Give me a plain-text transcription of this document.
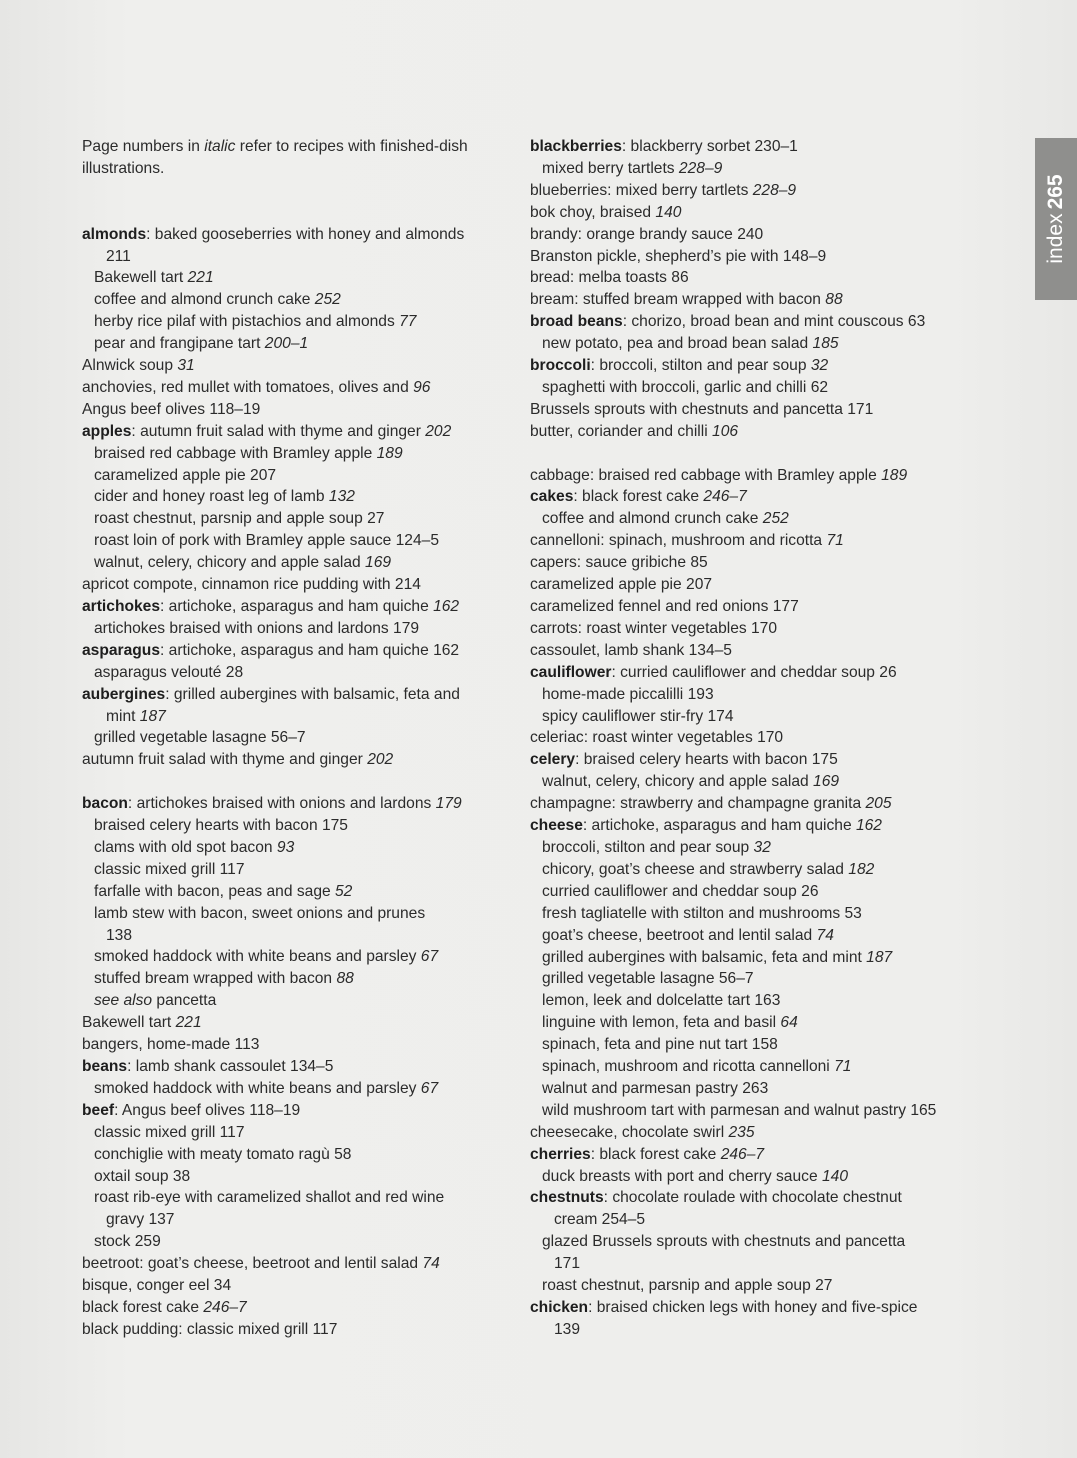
index265
Page numbers in italic refer to recipes with finished-dish illustrations.
almonds: baked gooseberries with honey and almonds
211
Bakewell tart 221
coffee and almond crunch cake 252
herby rice pilaf with pistachios and almonds 77
pear and frangipane tart 200–1
Alnwick soup 31
anchovies, red mullet with tomatoes, olives and 96
Angus beef olives 118–19
apples: autumn fruit salad with thyme and ginger 202
braised red cabbage with Bramley apple 189
caramelized apple pie 207
cider and honey roast leg of lamb 132
roast chestnut, parsnip and apple soup 27
roast loin of pork with Bramley apple sauce 124–5
walnut, celery, chicory and apple salad 169
apricot compote, cinnamon rice pudding with 214
artichokes: artichoke, asparagus and ham quiche 162
artichokes braised with onions and lardons 179
asparagus: artichoke, asparagus and ham quiche 162
asparagus velouté 28
aubergines: grilled aubergines with balsamic, feta and
mint 187
grilled vegetable lasagne 56–7
autumn fruit salad with thyme and ginger 202
bacon: artichokes braised with onions and lardons 179
braised celery hearts with bacon 175
clams with old spot bacon 93
classic mixed grill 117
farfalle with bacon, peas and sage 52
lamb stew with bacon, sweet onions and prunes
138
smoked haddock with white beans and parsley 67
stuffed bream wrapped with bacon 88
see also pancetta
Bakewell tart 221
bangers, home-made 113
beans: lamb shank cassoulet 134–5
smoked haddock with white beans and parsley 67
beef: Angus beef olives 118–19
classic mixed grill 117
conchiglie with meaty tomato ragù 58
oxtail soup 38
roast rib-eye with caramelized shallot and red wine
gravy 137
stock 259
beetroot: goat’s cheese, beetroot and lentil salad 74
bisque, conger eel 34
black forest cake 246–7
black pudding: classic mixed grill 117
blackberries: blackberry sorbet 230–1
mixed berry tartlets 228–9
blueberries: mixed berry tartlets 228–9
bok choy, braised 140
brandy: orange brandy sauce 240
Branston pickle, shepherd’s pie with 148–9
bread: melba toasts 86
bream: stuffed bream wrapped with bacon 88
broad beans: chorizo, broad bean and mint couscous 63
new potato, pea and broad bean salad 185
broccoli: broccoli, stilton and pear soup 32
spaghetti with broccoli, garlic and chilli 62
Brussels sprouts with chestnuts and pancetta 171
butter, coriander and chilli 106
cabbage: braised red cabbage with Bramley apple 189
cakes: black forest cake 246–7
coffee and almond crunch cake 252
cannelloni: spinach, mushroom and ricotta 71
capers: sauce gribiche 85
caramelized apple pie 207
caramelized fennel and red onions 177
carrots: roast winter vegetables 170
cassoulet, lamb shank 134–5
cauliflower: curried cauliflower and cheddar soup 26
home-made piccalilli 193
spicy cauliflower stir-fry 174
celeriac: roast winter vegetables 170
celery: braised celery hearts with bacon 175
walnut, celery, chicory and apple salad 169
champagne: strawberry and champagne granita 205
cheese: artichoke, asparagus and ham quiche 162
broccoli, stilton and pear soup 32
chicory, goat’s cheese and strawberry salad 182
curried cauliflower and cheddar soup 26
fresh tagliatelle with stilton and mushrooms 53
goat’s cheese, beetroot and lentil salad 74
grilled aubergines with balsamic, feta and mint 187
grilled vegetable lasagne 56–7
lemon, leek and dolcelatte tart 163
linguine with lemon, feta and basil 64
spinach, feta and pine nut tart 158
spinach, mushroom and ricotta cannelloni 71
walnut and parmesan pastry 263
wild mushroom tart with parmesan and walnut pastry 165
cheesecake, chocolate swirl 235
cherries: black forest cake 246–7
duck breasts with port and cherry sauce 140
chestnuts: chocolate roulade with chocolate chestnut
cream 254–5
glazed Brussels sprouts with chestnuts and pancetta
171
roast chestnut, parsnip and apple soup 27
chicken: braised chicken legs with honey and five-spice
139
